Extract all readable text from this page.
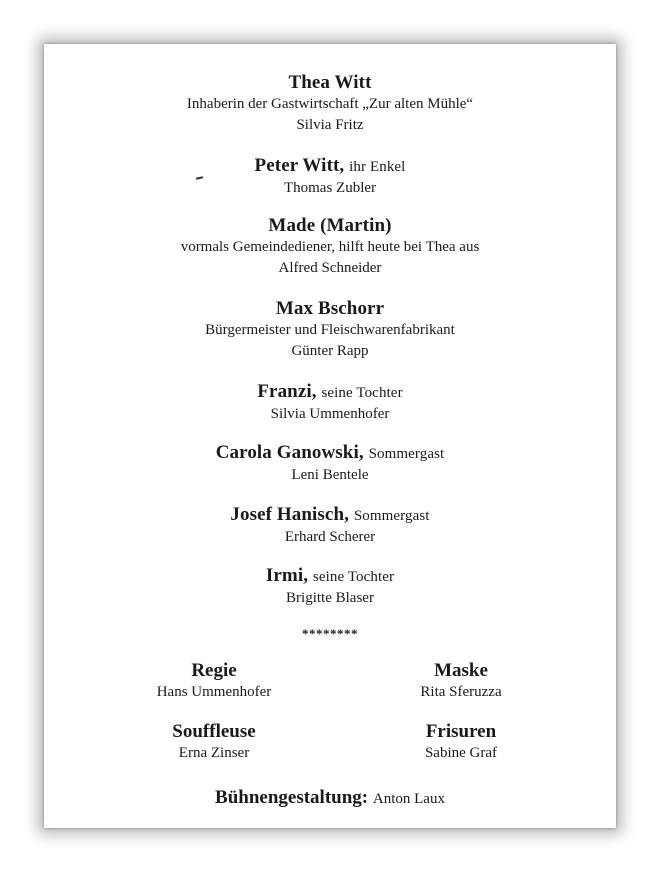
Thea Witt
Inhaberin der Gastwirtschaft „Zur alten Mühle“
Silvia Fritz
Peter Witt, ihr Enkel
Thomas Zubler
Made (Martin)
vormals Gemeindediener, hilft heute bei Thea aus
Alfred Schneider
Max Bschorr
Bürgermeister und Fleischwarenfabrikant
Günter Rapp
Franzi, seine Tochter
Silvia Ummenhofer
Carola Ganowski, Sommergast
Leni Bentele
Josef Hanisch, Sommergast
Erhard Scherer
Irmi, seine Tochter
Brigitte Blaser
********
Regie
Hans Ummenhofer
Maske
Rita Sferuzza
Souffleuse
Erna Zinser
Frisuren
Sabine Graf
Bühnengestaltung: Anton Laux
